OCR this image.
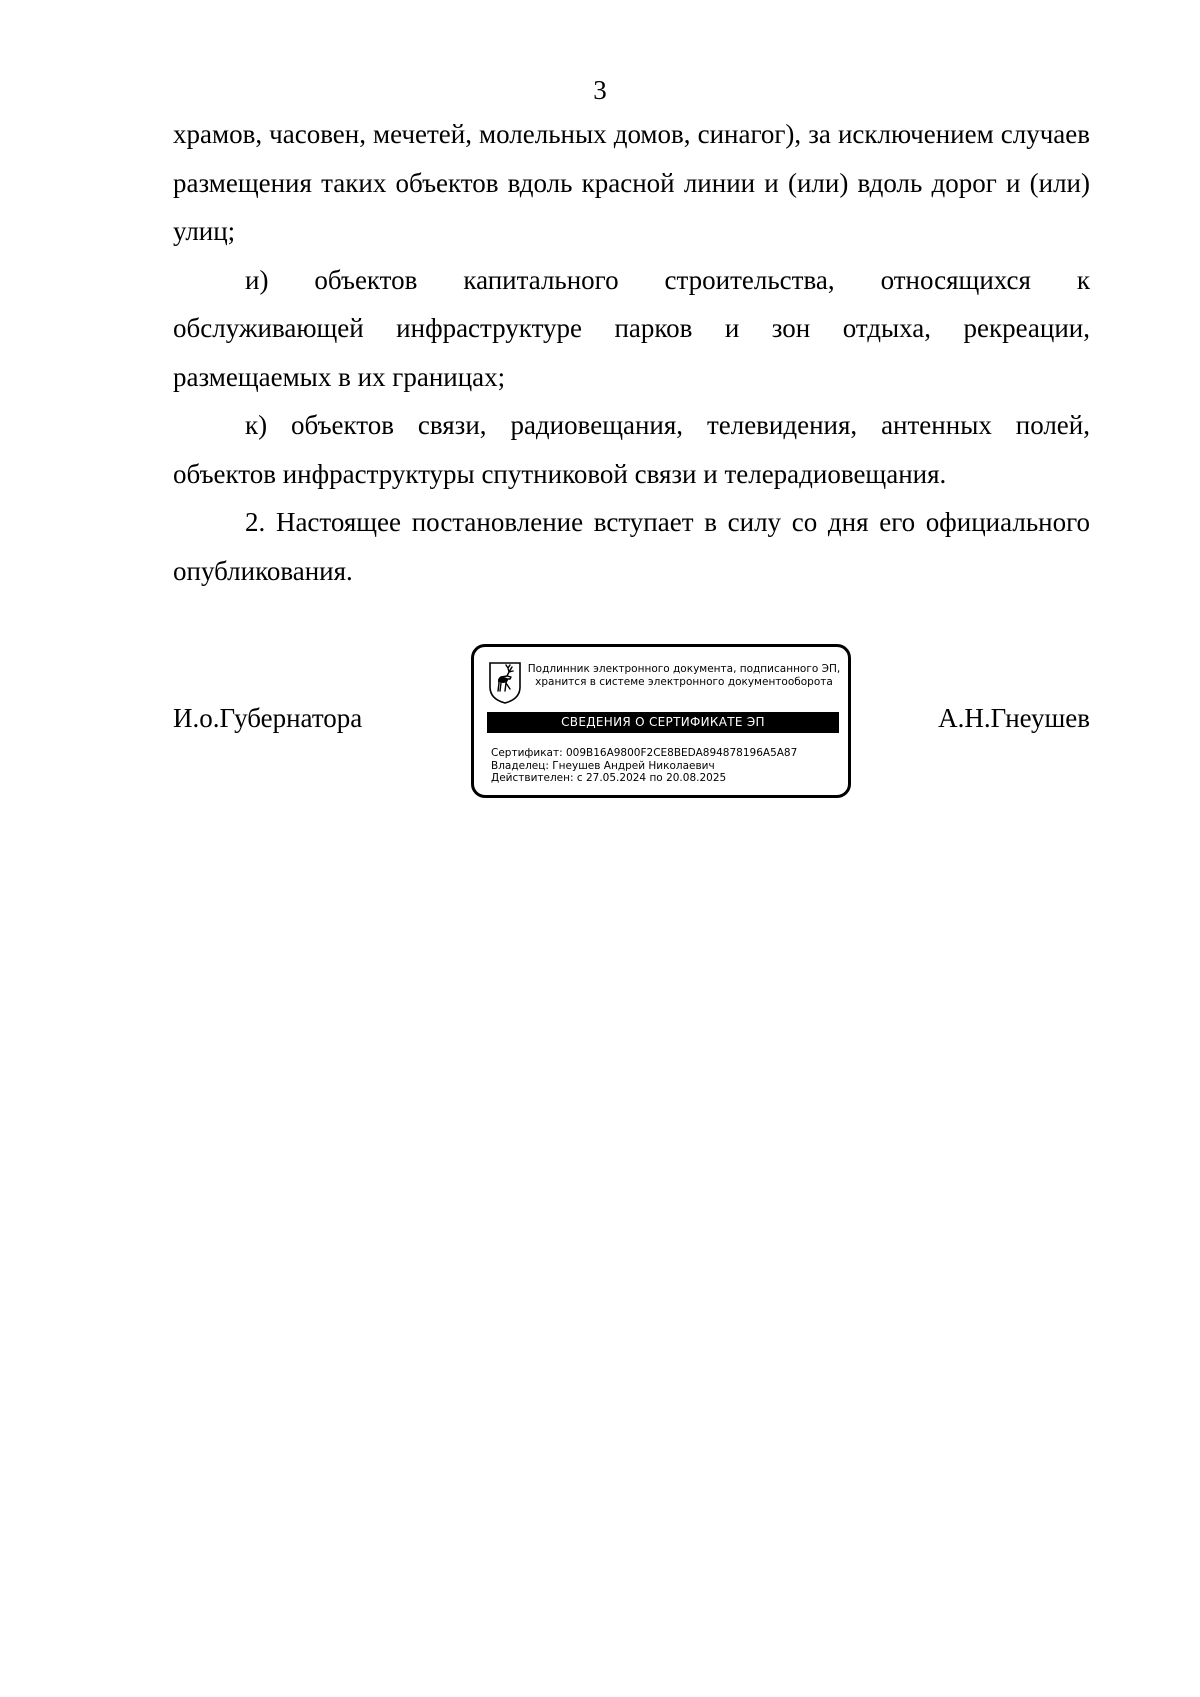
3

храмов, часовен, мечетей, молельных домов, синагог), за исключением случаев размещения таких объектов вдоль красной линии и (или) вдоль дорог и (или) улиц;

и) объектов капитального строительства, относящихся к обслуживающей инфраструктуре парков и зон отдыха, рекреации, размещаемых в их границах;

к) объектов связи, радиовещания, телевидения, антенных полей, объектов инфраструктуры спутниковой связи и телерадиовещания.

2. Настоящее постановление вступает в силу со дня его официального опубликования.

И.о.Губернатора	А.Н.Гнеушев
Подлинник электронного документа, подписанного ЭП,
хранится в системе электронного документооборота
СВЕДЕНИЯ О СЕРТИФИКАТЕ ЭП
Сертификат: 009B16A9800F2CE8BEDA894878196A5A87
Владелец: Гнеушев Андрей Николаевич
Действителен: с 27.05.2024 по 20.08.2025
